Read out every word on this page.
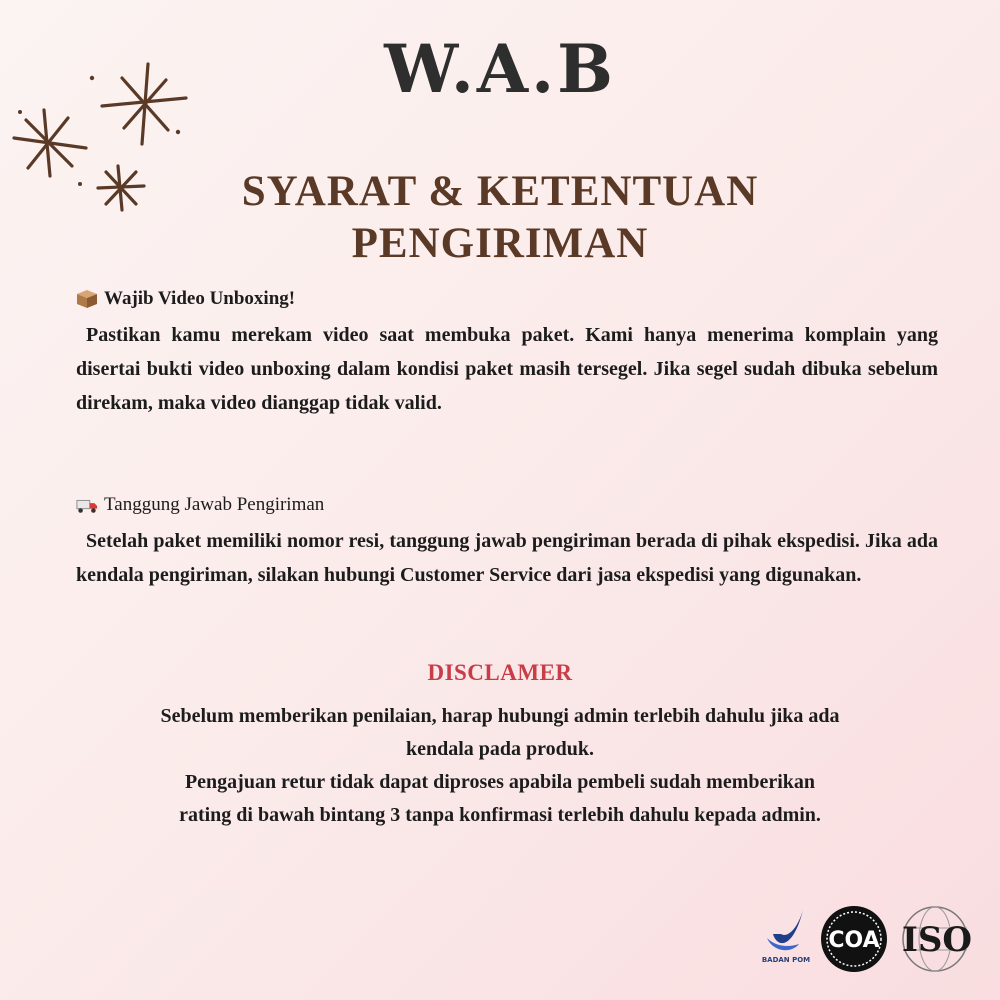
W.A.B
SYARAT & KETENTUAN
PENGIRIMAN
Wajib Video Unboxing!
Pastikan kamu merekam video saat membuka paket. Kami hanya menerima komplain yang disertai bukti video unboxing dalam kondisi paket masih tersegel. Jika segel sudah dibuka sebelum direkam, maka video dianggap tidak valid.
Tanggung Jawab Pengiriman
Setelah paket memiliki nomor resi, tanggung jawab pengiriman berada di pihak ekspedisi. Jika ada kendala pengiriman, silakan hubungi Customer Service dari jasa ekspedisi yang digunakan.
DISCLAMER

Sebelum memberikan penilaian, harap hubungi admin terlebih dahulu jika ada

kendala pada produk.

Pengajuan retur tidak dapat diproses apabila pembeli sudah memberikan

rating di bawah bintang 3 tanpa konfirmasi terlebih dahulu kepada admin.

BADAN POM
COA ISO
